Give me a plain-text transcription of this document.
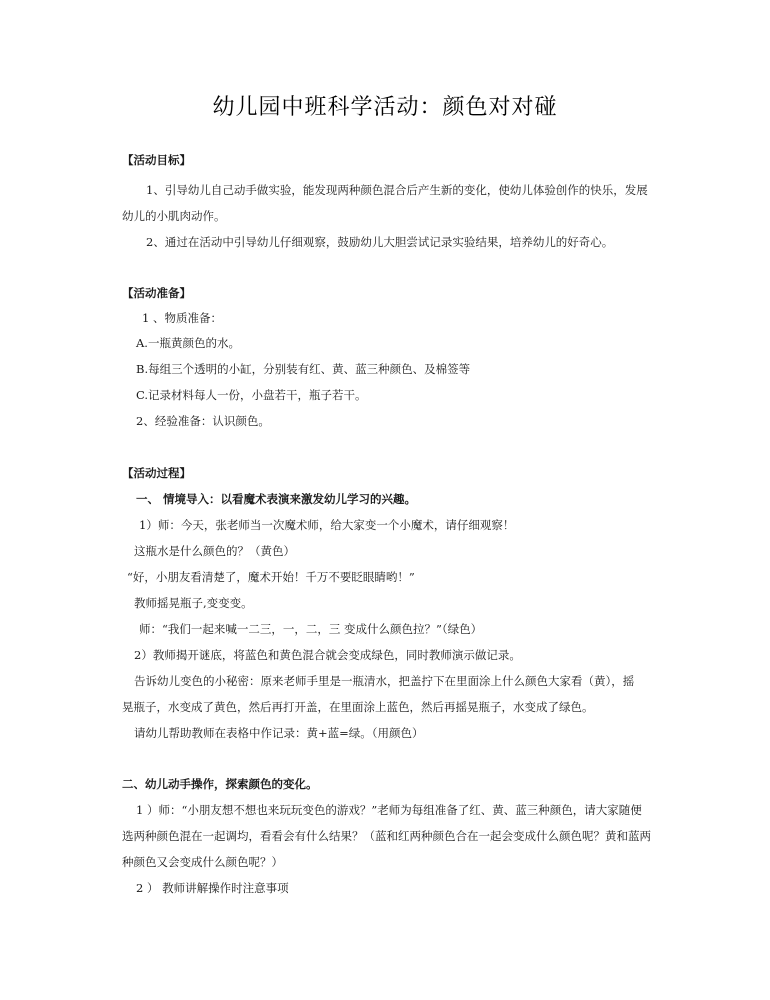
幼儿园中班科学活动：颜色对对碰
【活动目标】
1、引导幼儿自己动手做实验，能发现两种颜色混合后产生新的变化，使幼儿体验创作的快乐，发展
幼儿的小肌肉动作。
2、通过在活动中引导幼儿仔细观察，鼓励幼儿大胆尝试记录实验结果，培养幼儿的好奇心。
【活动准备】
1 、物质准备：
A.一瓶黄颜色的水。
B.每组三个透明的小缸，分别装有红、黄、蓝三种颜色、及棉签等
C.记录材料每人一份，小盘若干，瓶子若干。
2、经验准备：认识颜色。
【活动过程】
一、 情境导入：以看魔术表演来激发幼儿学习的兴趣。
1）师：今天，张老师当一次魔术师，给大家变一个小魔术，请仔细观察！
这瓶水是什么颜色的？（黄色）
“好，小朋友看清楚了，魔术开始！千万不要眨眼睛哟！”
教师摇晃瓶子,变变变。
师：“我们一起来喊一二三，一，二，三 变成什么颜色拉？”（绿色）
2）教师揭开谜底，将蓝色和黄色混合就会变成绿色，同时教师演示做记录。
告诉幼儿变色的小秘密：原来老师手里是一瓶清水，把盖拧下在里面涂上什么颜色大家看（黄），摇
晃瓶子，水变成了黄色，然后再打开盖，在里面涂上蓝色，然后再摇晃瓶子，水变成了绿色。
请幼儿帮助教师在表格中作记录：黄+蓝=绿。（用颜色）
二、幼儿动手操作，探索颜色的变化。
1 ）师：“小朋友想不想也来玩玩变色的游戏？”老师为每组准备了红、黄、蓝三种颜色，请大家随便
选两种颜色混在一起调均，看看会有什么结果？（蓝和红两种颜色合在一起会变成什么颜色呢？黄和蓝两
种颜色又会变成什么颜色呢？）
2 ） 教师讲解操作时注意事项
